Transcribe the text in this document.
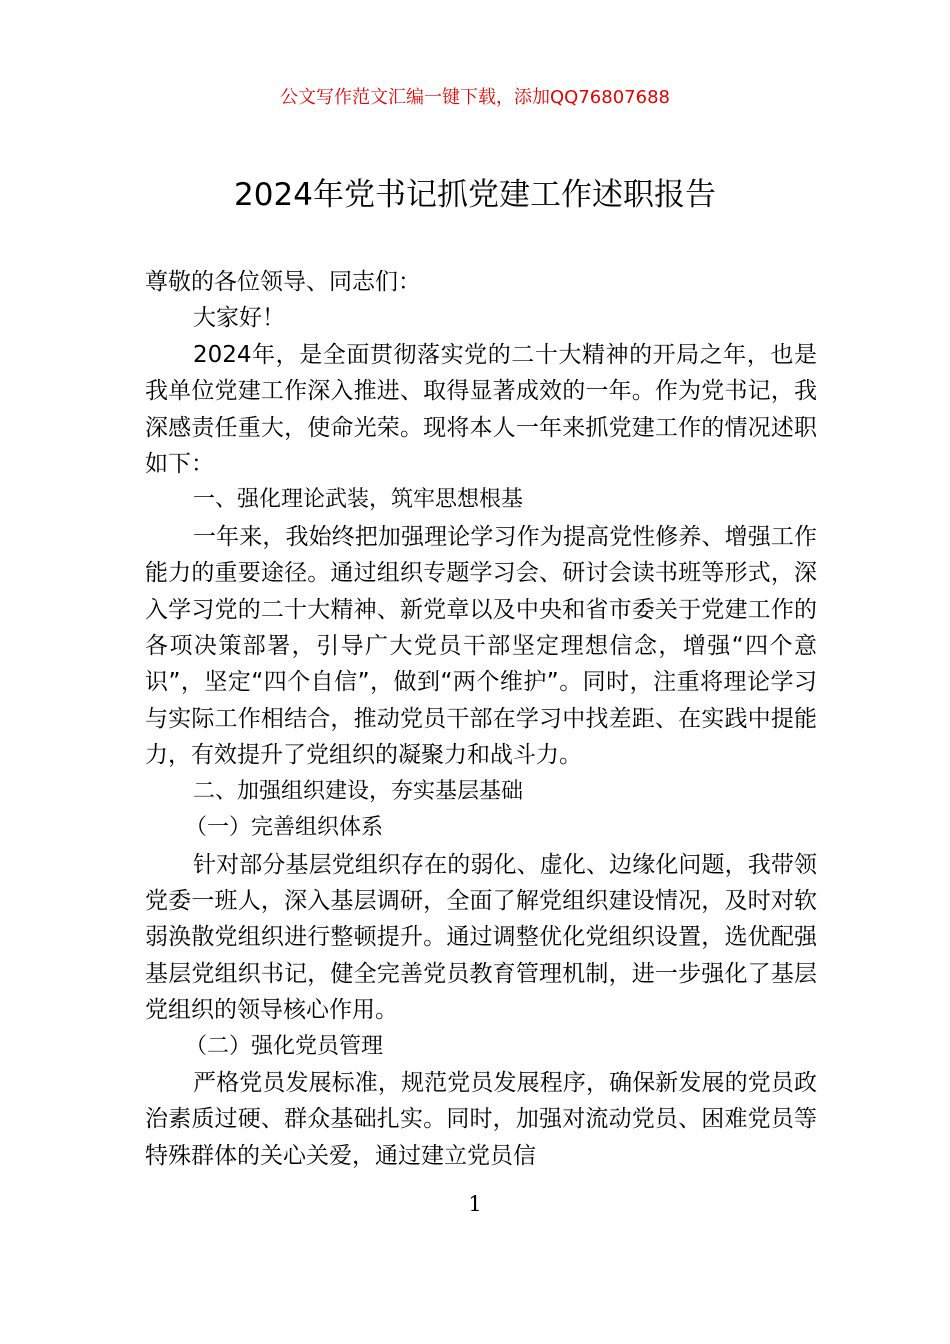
公文写作范文汇编一键下载，添加QQ76807688
2024年党书记抓党建工作述职报告

尊敬的各位领导、同志们：

大家好！

2024年，是全面贯彻落实党的二十大精神的开局之年，也是我单位党建工作深入推进、取得显著成效的一年。作为党书记，我深感责任重大，使命光荣。现将本人一年来抓党建工作的情况述职如下：

一、强化理论武装，筑牢思想根基

一年来，我始终把加强理论学习作为提高党性修养、增强工作能力的重要途径。通过组织专题学习会、研讨会读书班等形式，深入学习党的二十大精神、新党章以及中央和省市委关于党建工作的各项决策部署，引导广大党员干部坚定理想信念，增强“四个意识”，坚定“四个自信”，做到“两个维护”。同时，注重将理论学习与实际工作相结合，推动党员干部在学习中找差距、在实践中提能力，有效提升了党组织的凝聚力和战斗力。

二、加强组织建设，夯实基层基础

（一）完善组织体系

针对部分基层党组织存在的弱化、虚化、边缘化问题，我带领党委一班人，深入基层调研，全面了解党组织建设情况，及时对软弱涣散党组织进行整顿提升。通过调整优化党组织设置，选优配强基层党组织书记，健全完善党员教育管理机制，进一步强化了基层党组织的领导核心作用。

（二）强化党员管理

严格党员发展标准，规范党员发展程序，确保新发展的党员政治素质过硬、群众基础扎实。同时，加强对流动党员、困难党员等特殊群体的关心关爱，通过建立党员信

1
